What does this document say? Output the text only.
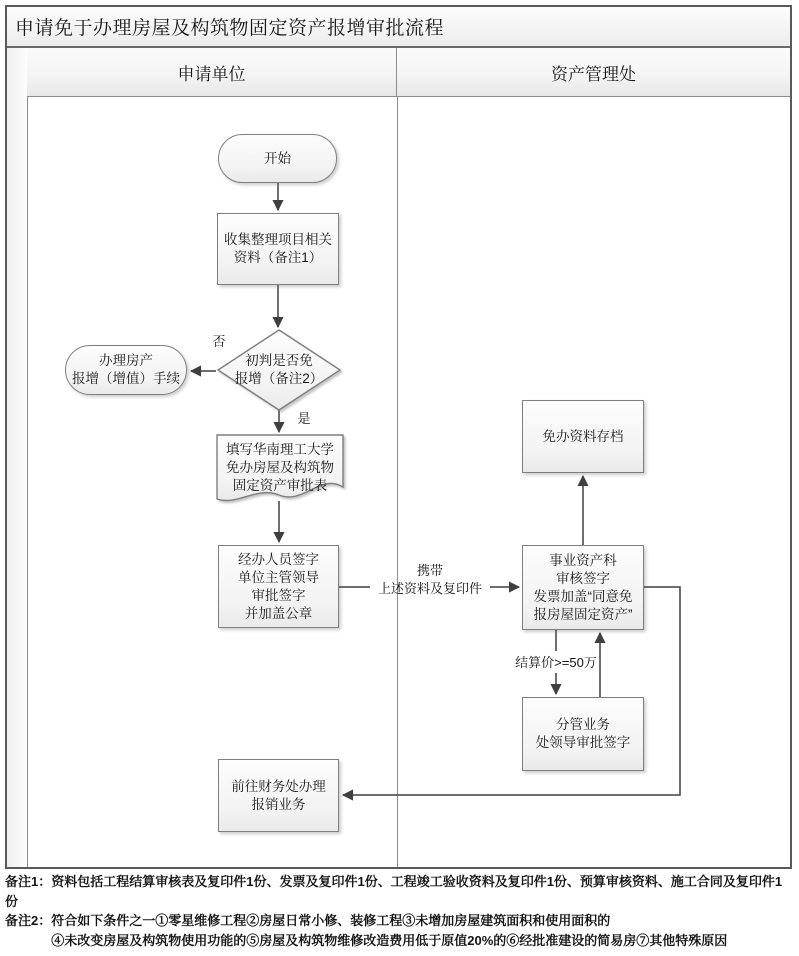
申请免于办理房屋及构筑物固定资产报增审批流程
申请单位	资产管理处
开始
收集整理项目相关
资料（备注1）
初判是否免
报增（备注2）
办理房产
报增（增值）手续
填写华南理工大学
免办房屋及构筑物
固定资产审批表
经办人员签字
单位主管领导
审批签字
并加盖公章
免办资料存档
事业资产科
审核签字
发票加盖“同意免
报房屋固定资产”
分管业务
处领导审批签字
前往财务处办理
报销业务
否
是
携带
上述资料及复印件
结算价>=50万
备注1：资料包括工程结算审核表及复印件1份、发票及复印件1份、工程竣工验收资料及复印件1份、预算审核资料、施工合同及复印件1份
备注2： 符合如下条件之一①零星维修工程②房屋日常小修、装修工程③未增加房屋建筑面积和使用面积的
④未改变房屋及构筑物使用功能的⑤房屋及构筑物维修改造费用低于原值20%的⑥经批准建设的简易房⑦其他特殊原因
